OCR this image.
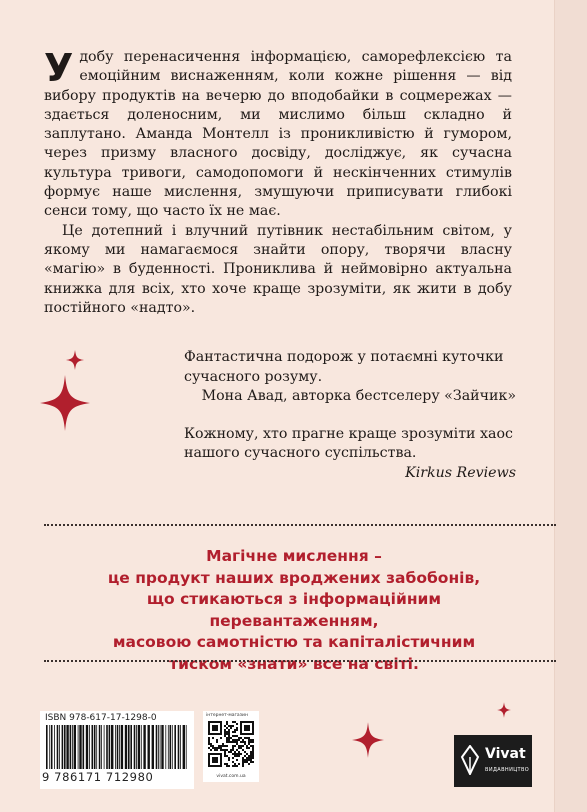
Удобу перенасичення інформацією, саморефлексією та емоційним виснаженням, коли кожне рішення — від вибору продуктів на вечерю до вподобайки в соцмережах — здається доленосним, ми мислимо більш складно й заплутано. Аманда Монтелл із проникливістю й гумором, через призму власного досвіду, досліджує, як сучасна культура тривоги, самодопомоги й нескінченних стимулів формує наше мислення, змушуючи приписувати глибокі сенси тому, що часто їх не має.

Це дотепний і влучний путівник нестабільним світом, у якому ми намагаємося знайти опору, творячи власну «магію» в буденності. Прониклива й неймовірно актуальна книжка для всіх, хто хоче краще зрозуміти, як жити в добу постійного «надто».

Фантастична подорож у потаємні куточки
сучасного розуму.
Мона Авад, авторка бестселеру «Зайчик»
Кожному, хто прагне краще зрозуміти хаос
нашого сучасного суспільства.
Kirkus Reviews
Магічне мислення –
це продукт наших вроджених забобонів,
що стикаються з інформаційним перевантаженням,
масовою самотністю та капіталістичним
тиском «знати» все на світі.
ISBN 978-617-17-1298-0
9 786171 712980
інтернет-магазин
vivat.com.ua
Vivat
ВИДАВНИЦТВО
